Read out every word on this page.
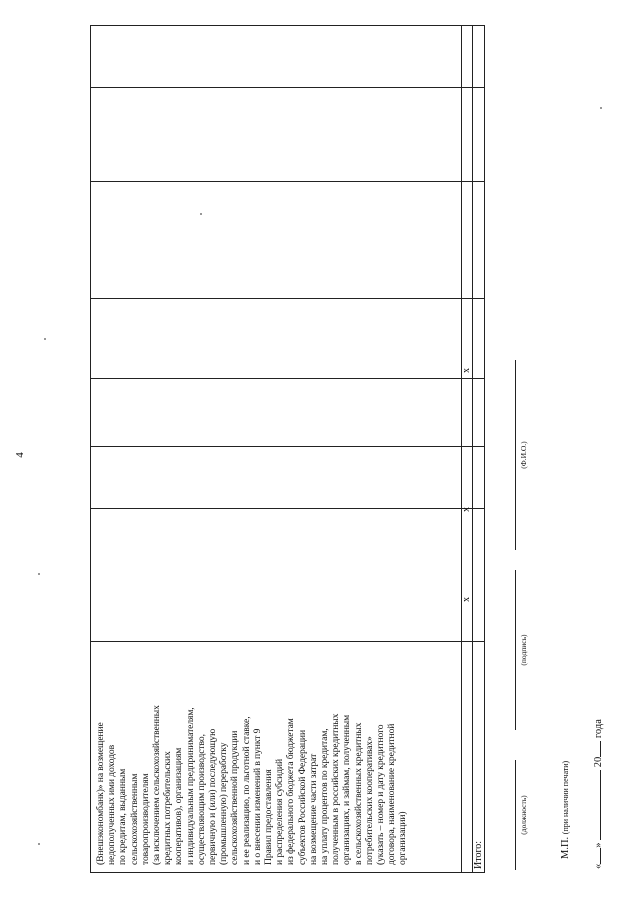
4
(Внешэкономбанк)» на возмещение
недополученных ими доходов
по кредитам, выданным
сельскохозяйственным
товаропроизводителям
(за исключением сельскохозяйственных
кредитных потребительских
кооперативов), организациям
и индивидуальным предпринимателям,
осуществляющим производство,
первичную и (или) последующую
(промышленную) переработку
сельскохозяйственной продукции
и ее реализацию, по льготной ставке,
и о внесении изменений в пункт 9
Правил предоставления
и распределения субсидий
из федерального бюджета бюджетам
субъектов Российской Федерации
на возмещение части затрат
на уплату процентов по кредитам,
полученным в российских кредитных
организациях, и займам, полученным
в сельскохозяйственных кредитных
потребительских кооперативах»
(указать – номер и дату кредитного
договора, наименование кредитной
организации)	Итого:
x
x
x
(должность)
(подпись)
(Ф.И.О.)
М.П. (при наличии печати)
«»  20 года
